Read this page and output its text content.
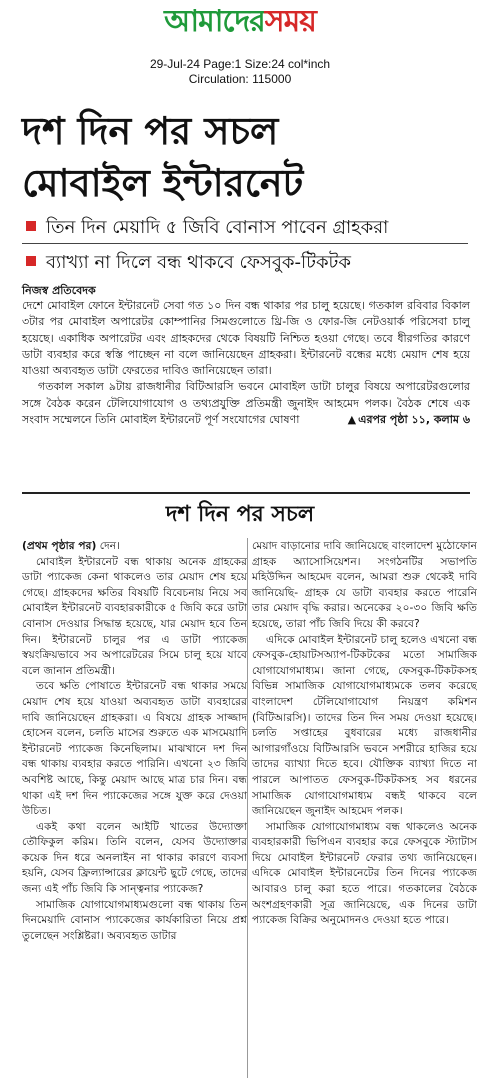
আমাদেরসময়
29-Jul-24 Page:1 Size:24 col*inch
Circulation: 115000
দশ দিন পর সচল
মোবাইল ইন্টারনেট
তিন দিন মেয়াদি ৫ জিবি বোনাস পাবেন গ্রাহকরা
ব্যাখ্যা না দিলে বন্ধ থাকবে ফেসবুক-টিকটক
নিজস্ব প্রতিবেদক

দেশে মোবাইল ফোনে ইন্টারনেট সেবা গত ১০ দিন বন্ধ থাকার পর চালু হয়েছে। গতকাল রবিবার বিকাল ৩টার পর মোবাইল অপারেটর কোম্পানির সিমগুলোতে থ্রি-জি ও ফোর-জি নেটওয়ার্ক পরিসেবা চালু হয়েছে। একাধিক অপারেটর এবং গ্রাহকদের থেকে বিষয়টি নিশ্চিত হওয়া গেছে। তবে ধীরগতির কারণে ডাটা ব্যবহার করে স্বস্তি পাচ্ছেন না বলে জানিয়েছেন গ্রাহকরা। ইন্টারনেট বন্ধের মধ্যে মেয়াদ শেষ হয়ে যাওয়া অব্যবহৃত ডাটা ফেরতের দাবিও জানিয়েছেন তারা।

গতকাল সকাল ৯টায় রাজধানীর বিটিআরসি ভবনে মোবাইল ডাটা চালুর বিষয়ে অপারেটরগুলোর সঙ্গে বৈঠক করেন টেলিযোগাযোগ ও তথ্যপ্রযুক্তি প্রতিমন্ত্রী জুনাইদ আহমেদ পলক। বৈঠক শেষে এক সংবাদ সম্মেলনে তিনি মোবাইল ইন্টারনেট পূর্ণ সংযোগের ঘোষণা	▲ এরপর পৃষ্ঠা ১১, কলাম ৬

দশ দিন পর সচল

(প্রথম পৃষ্ঠার পর) দেন।

মোবাইল ইন্টারনেট বন্ধ থাকায় অনেক গ্রাহকের ডাটা প্যাকেজ কেনা থাকলেও তার মেয়াদ শেষ হয়ে গেছে। গ্রাহকদের ক্ষতির বিষয়টি বিবেচনায় নিয়ে সব মোবাইল ইন্টারনেট ব্যবহারকারীকে ৫ জিবি করে ডাটা বোনাস দেওয়ার সিদ্ধান্ত হয়েছে, যার মেয়াদ হবে তিন দিন। ইন্টারনেট চালুর পর এ ডাটা প্যাকেজ স্বয়ংক্রিয়ভাবে সব অপারেটরের সিমে চালু হয়ে যাবে বলে জানান প্রতিমন্ত্রী।

তবে ক্ষতি পোষাতে ইন্টারনেট বন্ধ থাকার সময়ে মেয়াদ শেষ হয়ে যাওয়া অব্যবহৃত ডাটা ব্যবহারের দাবি জানিয়েছেন গ্রাহকরা। এ বিষয়ে গ্রাহক সাজ্জাদ হোসেন বলেন, চলতি মাসের শুরুতে এক মাসমেয়াদি ইন্টারনেট প্যাকেজ কিনেছিলাম। মাঝখানে দশ দিন বন্ধ থাকায় ব্যবহার করতে পারিনি। এখনো ২৩ জিবি অবশিষ্ট আছে, কিন্তু মেয়াদ আছে মাত্র চার দিন। বন্ধ থাকা এই দশ দিন প্যাকেজের সঙ্গে যুক্ত করে দেওয়া উচিত।

একই কথা বলেন আইটি খাতের উদ্যোক্তা তৌফিকুল করিম। তিনি বলেন, যেসব উদ্যোক্তার কয়েক দিন ধরে অনলাইন না থাকার কারণে ব্যবসা হয়নি, যেসব ফ্রিল্যান্সারের ক্লায়েন্ট ছুটে গেছে, তাদের জন্য এই পাঁচ জিবি কি সান্ত্বনার প্যাকেজ?

সামাজিক যোগাযোগমাধ্যমগুলো বন্ধ থাকায় তিন দিনমেয়াদি বোনাস প্যাকেজের কার্যকারিতা নিয়ে প্রশ্ন তুলেছেন সংশ্লিষ্টরা। অব্যবহৃত ডাটার

মেয়াদ বাড়ানোর দাবি জানিয়েছে বাংলাদেশ মুঠোফোন গ্রাহক অ্যাসোসিয়েশন। সংগঠনটির সভাপতি মহিউদ্দিন আহমেদ বলেন, আমরা শুরু থেকেই দাবি জানিয়েছি- গ্রাহক যে ডাটা ব্যবহার করতে পারেনি তার মেয়াদ বৃদ্ধি করার। অনেকের ২০-৩০ জিবি ক্ষতি হয়েছে, তারা পাঁচ জিবি দিয়ে কী করবে?

এদিকে মোবাইল ইন্টারনেট চালু হলেও এখনো বন্ধ ফেসবুক-হোয়াটসঅ্যাপ-টিকটকের মতো সামাজিক যোগাযোগমাধ্যম। জানা গেছে, ফেসবুক-টিকটকসহ বিভিন্ন সামাজিক যোগাযোগমাধ্যমকে তলব করেছে বাংলাদেশ টেলিযোগাযোগ নিয়ন্ত্রণ কমিশন (বিটিআরসি)। তাদের তিন দিন সময় দেওয়া হয়েছে। চলতি সপ্তাহের বুধবারের মধ্যে রাজধানীর আগারগাঁওয়ে বিটিআরসি ভবনে সশরীরে হাজির হয়ে তাদের ব্যাখ্যা দিতে হবে। যৌক্তিক ব্যাখ্যা দিতে না পারলে আপাতত ফেসবুক-টিকটকসহ সব ধরনের সামাজিক যোগাযোগমাধ্যম বন্ধই থাকবে বলে জানিয়েছেন জুনাইদ আহমেদ পলক।

সামাজিক যোগাযোগমাধ্যম বন্ধ থাকলেও অনেক ব্যবহারকারী ভিপিএন ব্যবহার করে ফেসবুকে স্ট্যাটাস দিয়ে মোবাইল ইন্টারনেট ফেরার তথ্য জানিয়েছেন। এদিকে মোবাইল ইন্টারনেটের তিন দিনের প্যাকেজ আবারও চালু করা হতে পারে। গতকালের বৈঠকে অংশগ্রহণকারী সূত্র জানিয়েছে, এক দিনের ডাটা প্যাকেজ বিক্রির অনুমোদনও দেওয়া হতে পারে।
